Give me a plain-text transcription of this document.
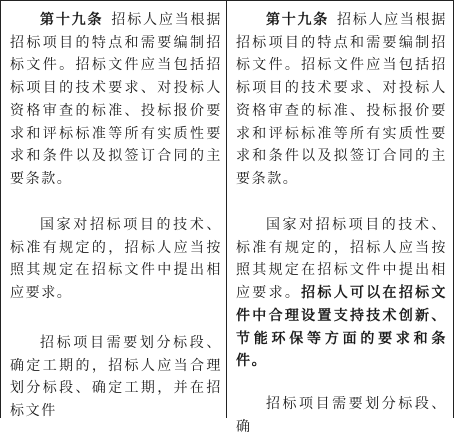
第十九条 招标人应当根据招标项目的特点和需要编制招标文件。招标文件应当包括招标项目的技术要求、对投标人资格审查的标准、投标报价要求和评标标准等所有实质性要求和条件以及拟签订合同的主要条款。

国家对招标项目的技术、标准有规定的，招标人应当按照其规定在招标文件中提出相应要求。

招标项目需要划分标段、确定工期的，招标人应当合理划分标段、确定工期，并在招标文件

第十九条 招标人应当根据招标项目的特点和需要编制招标文件。招标文件应当包括招标项目的技术要求、对投标人资格审查的标准、投标报价要求和评标标准等所有实质性要求和条件以及拟签订合同的主要条款。

国家对招标项目的技术、标准有规定的，招标人应当按照其规定在招标文件中提出相应要求。招标人可以在招标文件中合理设置支持技术创新、节能环保等方面的要求和条件。

招标项目需要划分标段、确
